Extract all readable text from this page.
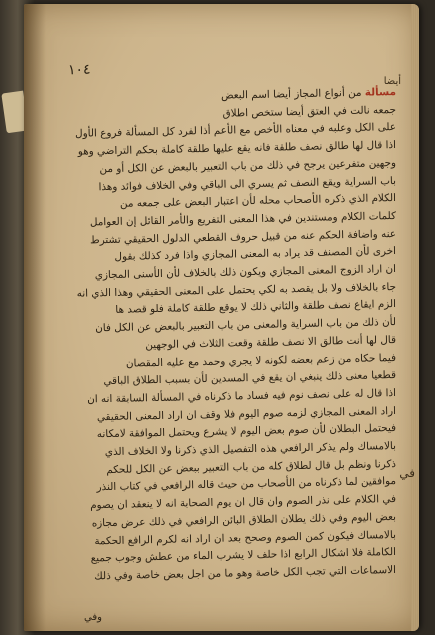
١٠٤
أيضا
في
مسألة من أنواع المجاز أيضا اسم البعض
جمعه نالت في العتق أيضا ستخص اطلاق
على الكل وعلبه في معناه الأخص مع الأعم أذا لفرد كل المسألة فروع الأول
اذا قال لها طالق نصف طلقة فانه يقع عليها طلقة كاملة بحكم التراضي وهو
وجهين متفرعين يرجح في ذلك من باب التعبير بالبعض عن الكل أو من
باب السراية ويقع النصف ثم يسري الى الباقي وفي الخلاف فوائد وهذا
الكلام الذي ذكره الأصحاب محله لأن اعتبار البعض على جمعه من
كلمات الكلام ومستندين في هذا المعنى التفريع والأمر القائل إن العوامل
عنه واضافة الحكم عنه من قبيل حروف القطعي الدلول الحقيقي تشترط
اخرى لأن المصنف قد يراد به المعنى المجازي واذا فرد كذلك بقول
ان اراد الزوج المعنى المجازي ويكون ذلك بالخلاف لأن الأسنى المجازي
جاء بالخلاف ولا بل يقصد به لكي يحتمل على المعنى الحقيقي وهذا الذي انه
الزم ايقاع نصف طلقة والثاني ذلك لا يوقع طلقة كاملة فلو قصد ها
لأن ذلك من باب السراية والمعنى من باب التعبير بالبعض عن الكل فان
قال لها أنت طالق الا نصف طلقة وقعت الثلاث في الوجهين
فيما حكاه من زعم بعضه لكونه لا يجري وحمد مع عليه المقصان
قطعيا معنى ذلك ينبغي ان يقع في المسدين لأن بسبب الطلاق الباقي
اذا قال له على نصف نوم فيه فساد ما ذكرناه في المسألة السابقة انه ان
اراد المعنى المجازي لزمه صوم اليوم فلا وقف ان اراد المعنى الحقيقي
فيحتمل البطلان لأن صوم بعض اليوم لا يشرع ويحتمل الموافقة لامكانه
بالامساك ولم يذكر الرافعي هذه التفصيل الذي ذكرنا ولا الخلاف الذي
ذكرنا ونظم بل قال لطلاق كله من باب التعبير ببعض عن الكل للحكم
موافقين لما ذكرناه من الأصحاب من حيث قاله الرافعي في كتاب النذر
في الكلام على نذر الصوم وان قال ان يوم الصحابة انه لا ينعقد ان يصوم
بعض اليوم وفي ذلك يطلان الطلاق البائن الرافعي في ذلك عرض مجازه
بالامساك فيكون كمن الصوم وصحح بعد ان اراد انه لكرم الرافع الحكمة
الكاملة فلا اشكال الرابع اذا حلف لا يشرب الماء من عطش وجوب جميع
الاسماعات التي تجب الكل خاصة وهو ما من اجل بعض خاصة وفي ذلك
وفي
